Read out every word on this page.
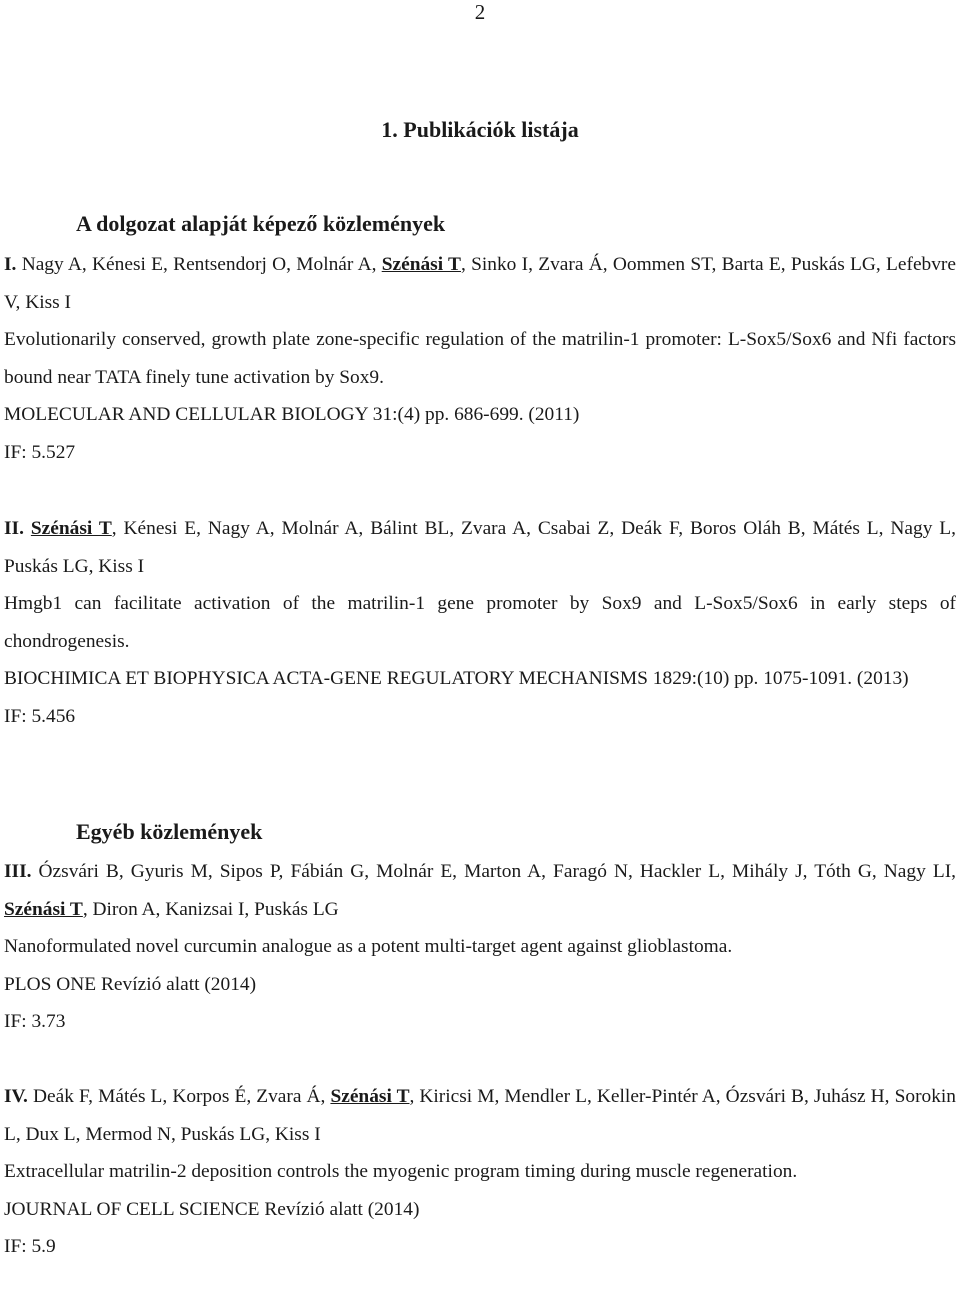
2
1. Publikációk listája
A dolgozat alapját képező közlemények

I. Nagy A, Kénesi E, Rentsendorj O, Molnár A, Szénási T, Sinko I, Zvara Á, Oommen ST, Barta E, Puskás LG, Lefebvre V, Kiss I

Evolutionarily conserved, growth plate zone-specific regulation of the matrilin-1 promoter: L-Sox5/Sox6 and Nfi factors bound near TATA finely tune activation by Sox9.

MOLECULAR AND CELLULAR BIOLOGY 31:(4) pp. 686-699. (2011)

IF: 5.527

II. Szénási T, Kénesi E, Nagy A, Molnár A, Bálint BL, Zvara A, Csabai Z, Deák F, Boros Oláh B, Mátés L, Nagy L, Puskás LG, Kiss I

Hmgb1 can facilitate activation of the matrilin-1 gene promoter by Sox9 and L-Sox5/Sox6 in early steps of chondrogenesis.

BIOCHIMICA ET BIOPHYSICA ACTA-GENE REGULATORY MECHANISMS 1829:(10) pp. 1075-1091. (2013)

IF: 5.456

Egyéb közlemények

III. Ózsvári B, Gyuris M, Sipos P, Fábián G, Molnár E, Marton A, Faragó N, Hackler L, Mihály J, Tóth G, Nagy LI, Szénási T, Diron A, Kanizsai I, Puskás LG

Nanoformulated novel curcumin analogue as a potent multi-target agent against glioblastoma.

PLOS ONE Revízió alatt (2014)

IF: 3.73

IV. Deák F, Mátés L, Korpos É, Zvara Á, Szénási T, Kiricsi M, Mendler L, Keller-Pintér A, Ózsvári B, Juhász H, Sorokin L, Dux L, Mermod N, Puskás LG, Kiss I

Extracellular matrilin-2 deposition controls the myogenic program timing during muscle regeneration.

JOURNAL OF CELL SCIENCE Revízió alatt (2014)

IF: 5.9
